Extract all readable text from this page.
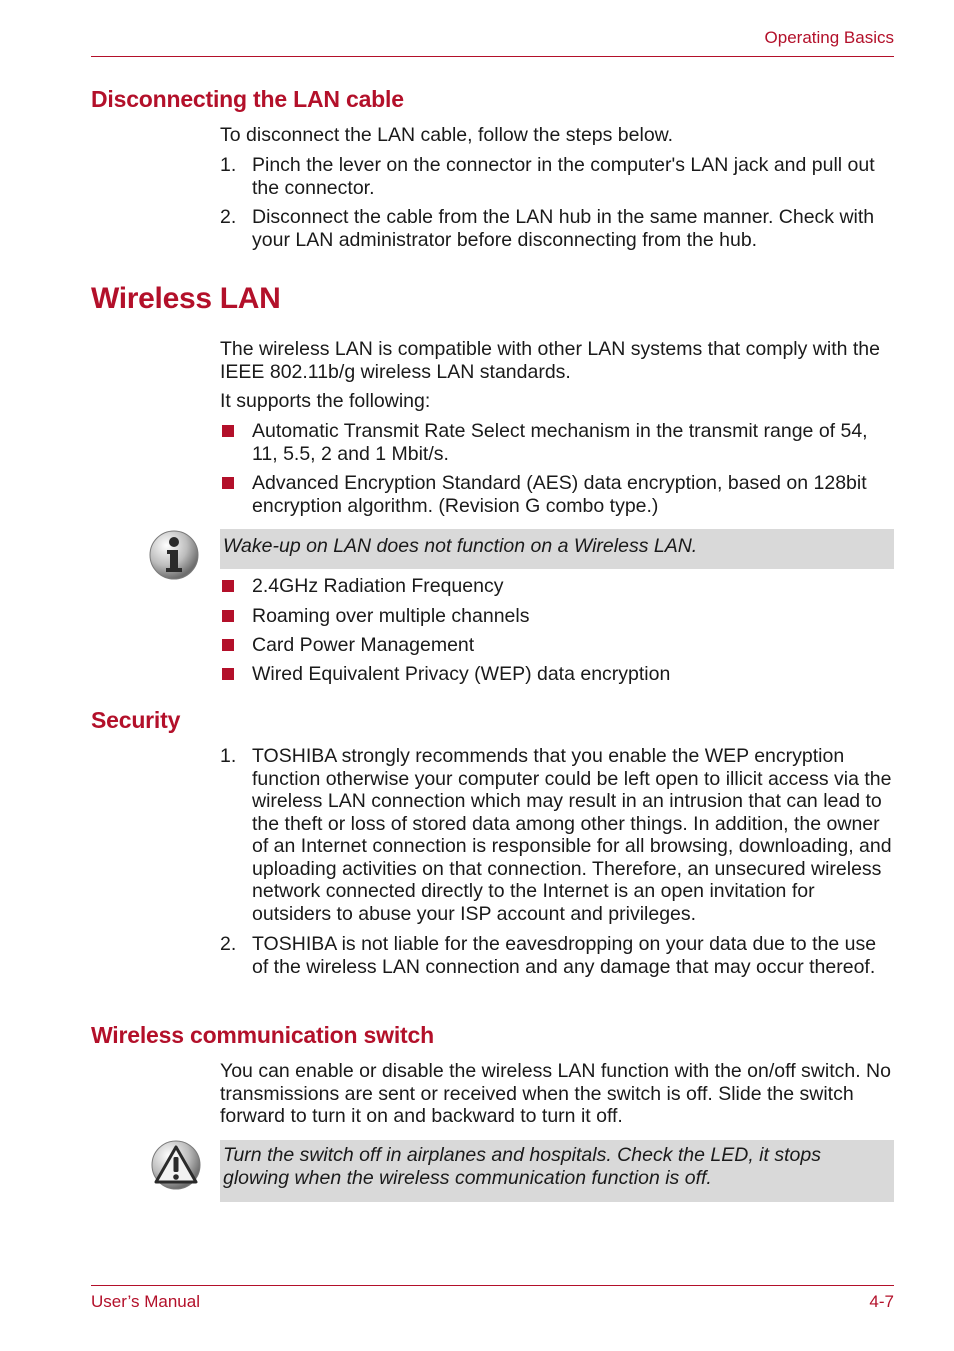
Operating Basics
Disconnecting the LAN cable
To disconnect the LAN cable, follow the steps below.
1. Pinch the lever on the connector in the computer's LAN jack and pull out the connector.
2. Disconnect the cable from the LAN hub in the same manner. Check with your LAN administrator before disconnecting from the hub.
Wireless LAN
The wireless LAN is compatible with other LAN systems that comply with the IEEE 802.11b/g wireless LAN standards.
It supports the following:
Automatic Transmit Rate Select mechanism in the transmit range of 54, 11, 5.5, 2 and 1 Mbit/s.
Advanced Encryption Standard (AES) data encryption, based on 128bit encryption algorithm. (Revision G combo type.)
Wake-up on LAN does not function on a Wireless LAN.
2.4GHz Radiation Frequency
Roaming over multiple channels
Card Power Management
Wired Equivalent Privacy (WEP) data encryption
Security
1. TOSHIBA strongly recommends that you enable the WEP encryption function otherwise your computer could be left open to illicit access via the wireless LAN connection which may result in an intrusion that can lead to the theft or loss of stored data among other things. In addition, the owner of an Internet connection is responsible for all browsing, downloading, and uploading activities on that connection. Therefore, an unsecured wireless network connected directly to the Internet is an open invitation for outsiders to abuse your ISP account and privileges.
2. TOSHIBA is not liable for the eavesdropping on your data due to the use of the wireless LAN connection and any damage that may occur thereof.
Wireless communication switch
You can enable or disable the wireless LAN function with the on/off switch. No transmissions are sent or received when the switch is off. Slide the switch forward to turn it on and backward to turn it off.
Turn the switch off in airplanes and hospitals. Check the LED, it stops glowing when the wireless communication function is off.
User’s Manual	4-7
